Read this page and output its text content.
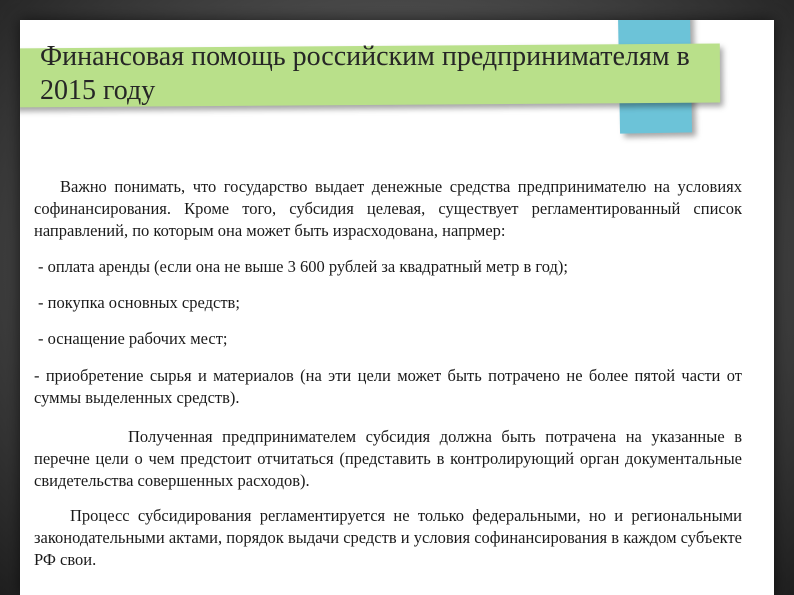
Финансовая помощь российским предпринимателям в 2015 году

Важно понимать, что государство выдает денежные средства предпринимателю на условиях софинансирования. Кроме того, субсидия целевая, существует регламентированный список направлений, по которым она может быть израсходована, напрмер:

- оплата аренды (если она не выше 3 600 рублей за квадратный метр в год);

- покупка основных средств;

- оснащение рабочих мест;

- приобретение сырья и материалов (на эти цели может быть потрачено не более пятой части от суммы выделенных средств).

Полученная предпринимателем субсидия должна быть потрачена на указанные в перечне цели о чем предстоит отчитаться (представить в контролирующий орган документальные свидетельства совершенных расходов).

Процесс субсидирования регламентируется не только федеральными, но и региональными законодательными актами, порядок выдачи средств и условия софинансирования в каждом субъекте РФ свои.
